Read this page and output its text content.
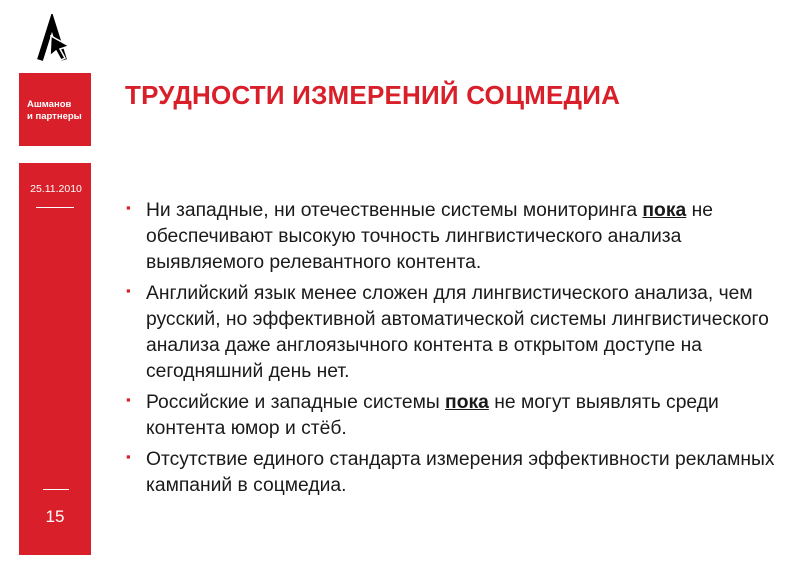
Ашманов
и партнеры
25.11.2010
15
ТРУДНОСТИ ИЗМЕРЕНИЙ СОЦМЕДИА
▪ Ни западные, ни отечественные системы мониторинга пока не обеспечивают высокую точность лингвистического анализа выявляемого релевантного контента.
▪ Английский язык менее сложен для лингвистического анализа, чем русский, но эффективной автоматической системы лингвистического анализа даже англоязычного контента в открытом доступе на сегодняшний день нет.
▪ Российские и западные системы пока не могут выявлять среди контента юмор и стёб.
▪ Отсутствие единого стандарта измерения эффективности рекламных кампаний в соцмедиа.
